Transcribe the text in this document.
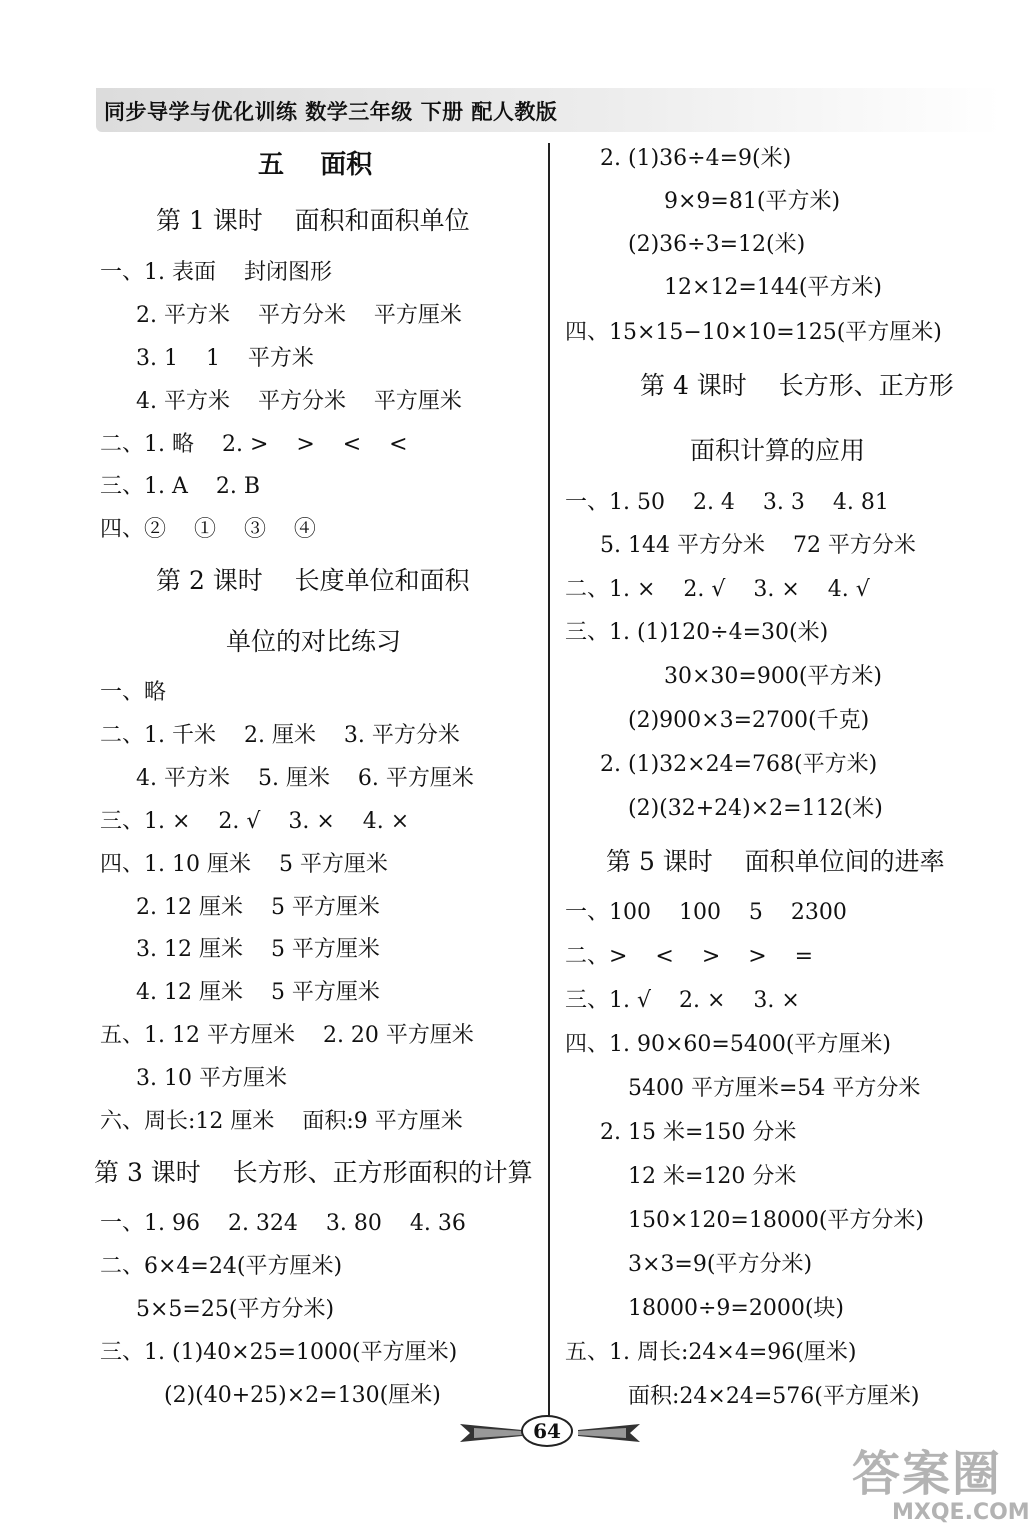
同步导学与优化训练 数学三年级 下册 配人教版
五    面积
第 1 课时    面积和面积单位
一、1. 表面    封闭图形
2. 平方米    平方分米    平方厘米
3. 1    1    平方米
4. 平方米    平方分米    平方厘米
二、1. 略    2. >    >    <    <
三、1. A    2. B
四、②    ①    ③    ④
第 2 课时    长度单位和面积
单位的对比练习
一、略
二、1. 千米    2. 厘米    3. 平方分米
4. 平方米    5. 厘米    6. 平方厘米
三、1. ×    2. √    3. ×    4. ×
四、1. 10 厘米    5 平方厘米
2. 12 厘米    5 平方厘米
3. 12 厘米    5 平方厘米
4. 12 厘米    5 平方厘米
五、1. 12 平方厘米    2. 20 平方厘米
3. 10 平方厘米
六、周长:12 厘米    面积:9 平方厘米
第 3 课时    长方形、正方形面积的计算
一、1. 96    2. 324    3. 80    4. 36
二、6×4=24(平方厘米)
5×5=25(平方分米)
三、1. (1)40×25=1000(平方厘米)
(2)(40+25)×2=130(厘米)
2. (1)36÷4=9(米)
9×9=81(平方米)
(2)36÷3=12(米)
12×12=144(平方米)
四、15×15−10×10=125(平方厘米)
第 4 课时    长方形、正方形
面积计算的应用
一、1. 50    2. 4    3. 3    4. 81
5. 144 平方分米    72 平方分米
二、1. ×    2. √    3. ×    4. √
三、1. (1)120÷4=30(米)
30×30=900(平方米)
(2)900×3=2700(千克)
2. (1)32×24=768(平方米)
(2)(32+24)×2=112(米)
第 5 课时    面积单位间的进率
一、100    100    5    2300
二、>    <    >    >    =
三、1. √    2. ×    3. ×
四、1. 90×60=5400(平方厘米)
5400 平方厘米=54 平方分米
2. 15 米=150 分米
12 米=120 分米
150×120=18000(平方分米)
3×3=9(平方分米)
18000÷9=2000(块)
五、1. 周长:24×4=96(厘米)
面积:24×24=576(平方厘米)
64
答案圈
MXQE.COM
